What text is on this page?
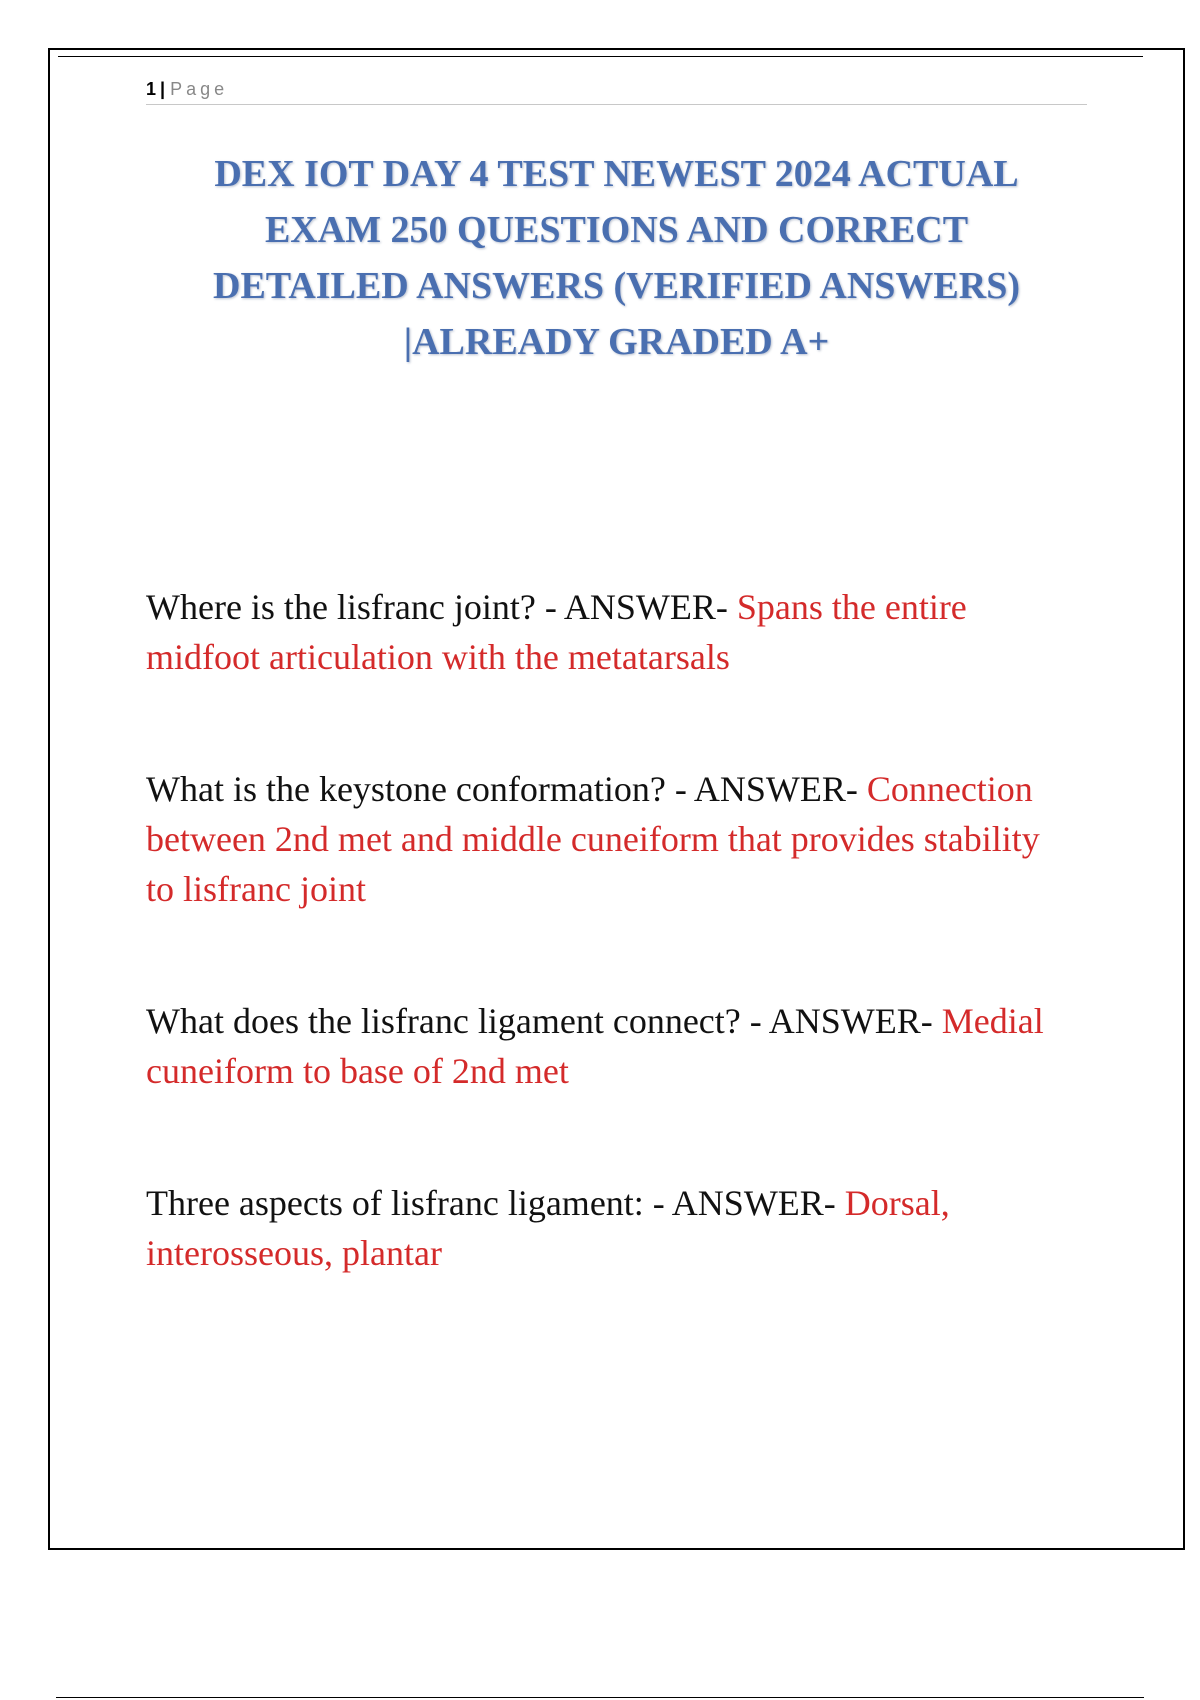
1 | Page
DEX IOT DAY 4 TEST NEWEST 2024 ACTUAL EXAM 250 QUESTIONS AND CORRECT DETAILED ANSWERS (VERIFIED ANSWERS) |ALREADY GRADED A+
Where is the lisfranc joint? - ANSWER- Spans the entire midfoot articulation with the metatarsals
What is the keystone conformation? - ANSWER- Connection between 2nd met and middle cuneiform that provides stability to lisfranc joint
What does the lisfranc ligament connect? - ANSWER- Medial cuneiform to base of 2nd met
Three aspects of lisfranc ligament: - ANSWER- Dorsal, interosseous, plantar
